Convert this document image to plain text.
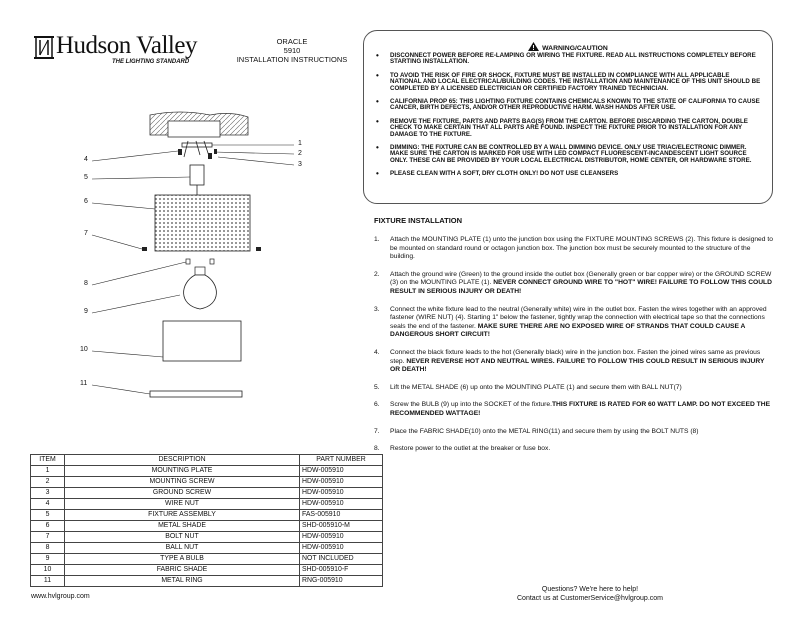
Hudson Valley
THE LIGHTING STANDARD
ORACLE
5910
INSTALLATION INSTRUCTIONS
WARNING/CAUTION
• DISCONNECT POWER BEFORE RE-LAMPING OR WIRING THE FIXTURE. READ ALL INSTRUCTIONS COMPLETELY BEFORE STARTING INSTALLATION.
• TO AVOID THE RISK OF FIRE OR SHOCK, FIXTURE MUST BE INSTALLED IN COMPLIANCE WITH ALL APPLICABLE NATIONAL AND LOCAL ELECTRICAL/BUILDING CODES. THE INSTALLATION AND MAINTENANCE OF THIS UNIT SHOULD BE COMPLETED BY A LICENSED ELECTRICIAN OR CERTIFIED FACTORY TRAINED TECHNICIAN.
• CALIFORNIA PROP 65: THIS LIGHTING FIXTURE CONTAINS CHEMICALS KNOWN TO THE STATE OF CALIFORNIA TO CAUSE CANCER, BIRTH DEFECTS, AND/OR OTHER REPRODUCTIVE HARM. WASH HANDS AFTER USE.
• REMOVE THE FIXTURE, PARTS AND PARTS BAG(S) FROM THE CARTON. BEFORE DISCARDING THE CARTON, DOUBLE CHECK TO MAKE CERTAIN THAT ALL PARTS ARE FOUND. INSPECT THE FIXTURE PRIOR TO INSTALLATION FOR ANY DAMAGE TO THE FIXTURE.
• DIMMING: THE FIXTURE CAN BE CONTROLLED BY A WALL DIMMING DEVICE. ONLY USE TRIAC/ELECTRONIC DIMMER. MAKE SURE THE CARTON IS MARKED FOR USE WITH LED COMPACT FLUORESCENT-INCANDESCENT LIGHT SOURCE ONLY. THESE CAN BE PROVIDED BY YOUR LOCAL ELECTRICAL DISTRIBUTOR, HOME CENTER, OR HARDWARE STORE.
• PLEASE CLEAN WITH A SOFT, DRY CLOTH ONLY! DO NOT USE CLEANSERS
FIXTURE INSTALLATION
1. Attach the MOUNTING PLATE (1) unto the junction box using the FIXTURE MOUNTING SCREWS (2). This fixture is designed to be mounted on standard round or octagon junction box. The junction box must be securely mounted to the structure of the building.
2. Attach the ground wire (Green) to the ground inside the outlet box (Generally green or bar copper wire) or the GROUND SCREW (3) on the MOUNTING PLATE (1). NEVER CONNECT GROUND WIRE TO "HOT" WIRE! FAILURE TO FOLLOW THIS COULD RESULT IN SERIOUS INJURY OR DEATH!
3. Connect the white fixture lead to the neutral (Generally white) wire in the outlet box. Fasten the wires together with an approved fastener (WIRE NUT) (4). Starting 1" below the fastener, tightly wrap the connection with electrical tape so that the connections seals the end of the fastener. MAKE SURE THERE ARE NO EXPOSED WIRE OF STRANDS THAT COULD CAUSE A DANGEROUS SHORT CIRCUIT!
4. Connect the black fixture leads to the hot (Generally black) wire in the junction box. Fasten the joined wires same as previous step. NEVER REVERSE HOT AND NEUTRAL WIRES. FAILURE TO FOLLOW THIS COULD RESULT IN SERIOUS INJURY OR DEATH!
5. Lift the METAL SHADE (6) up onto the MOUNTING PLATE (1) and secure them with BALL NUT(7)
6. Screw the BULB (9) up into the SOCKET of the fixture.THIS FIXTURE IS RATED FOR 60 WATT LAMP. DO NOT EXCEED THE RECOMMENDED WATTAGE!
7. Place the FABRIC SHADE(10) onto the METAL RING(11) and secure them by using the BOLT NUTS (8)
8. Restore power to the outlet at the breaker or fuse box.
1
2
3
4
5
6
7
8
9
10
11
ITEM	DESCRIPTION	PART NUMBER
1	MOUNTING PLATE	HDW-005910
2	MOUNTING SCREW	HDW-005910
3	GROUND SCREW	HDW-005910
4	WIRE NUT	HDW-005910
5	FIXTURE ASSEMBLY	FAS-005910
6	METAL SHADE	SHD-005910-M
7	BOLT NUT	HDW-005910
8	BALL NUT	HDW-005910
9	TYPE A BULB	NOT INCLUDED
10	FABRIC SHADE	SHD-005910-F
11	METAL RING	RNG-005910
www.hvlgroup.com
Questions? We're here to help!
Contact us at CustomerService@hvlgroup.com
